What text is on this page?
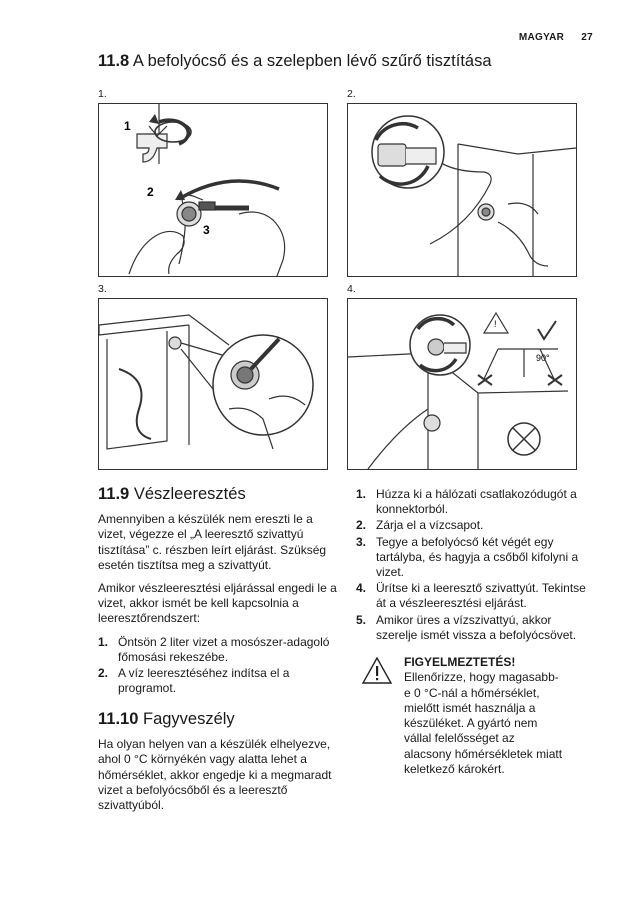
MAGYAR 27
11.8 A befolyócső és a szelepben lévő szűrő tisztítása
1.	2.
3.	4.
1
2
3
!
90°
11.9 Vészleeresztés

Amennyiben a készülék nem ereszti le a vizet, végezze el „A leeresztő szivattyú tisztítása” c. részben leírt eljárást. Szükség esetén tisztítsa meg a szivattyút.

Amikor vészleeresztési eljárással engedi le a vizet, akkor ismét be kell kapcsolnia a leeresztőrendszert:

1. Öntsön 2 liter vizet a mosószer-adagoló főmosási rekeszébe.
2. A víz leeresztéséhez indítsa el a programot.
11.10 Fagyveszély

Ha olyan helyen van a készülék elhelyezve, ahol 0 °C környékén vagy alatta lehet a hőmérséklet, akkor engedje ki a megmaradt vizet a befolyócsőből és a leeresztő szivattyúból.

1. Húzza ki a hálózati csatlakozódugót a konnektorból.
2. Zárja el a vízcsapot.
3. Tegye a befolyócső két végét egy tartályba, és hagyja a csőből kifolyni a vizet.
4. Ürítse ki a leeresztő szivattyút. Tekintse át a vészleeresztési eljárást.
5. Amikor üres a vízszivattyú, akkor szerelje ismét vissza a befolyócsövet.
FIGYELMEZTETÉS!
Ellenőrizze, hogy magasabb-e 0 °C-nál a hőmérséklet, mielőtt ismét használja a készüléket. A gyártó nem vállal felelősséget az alacsony hőmérsékletek miatt keletkező károkért.
